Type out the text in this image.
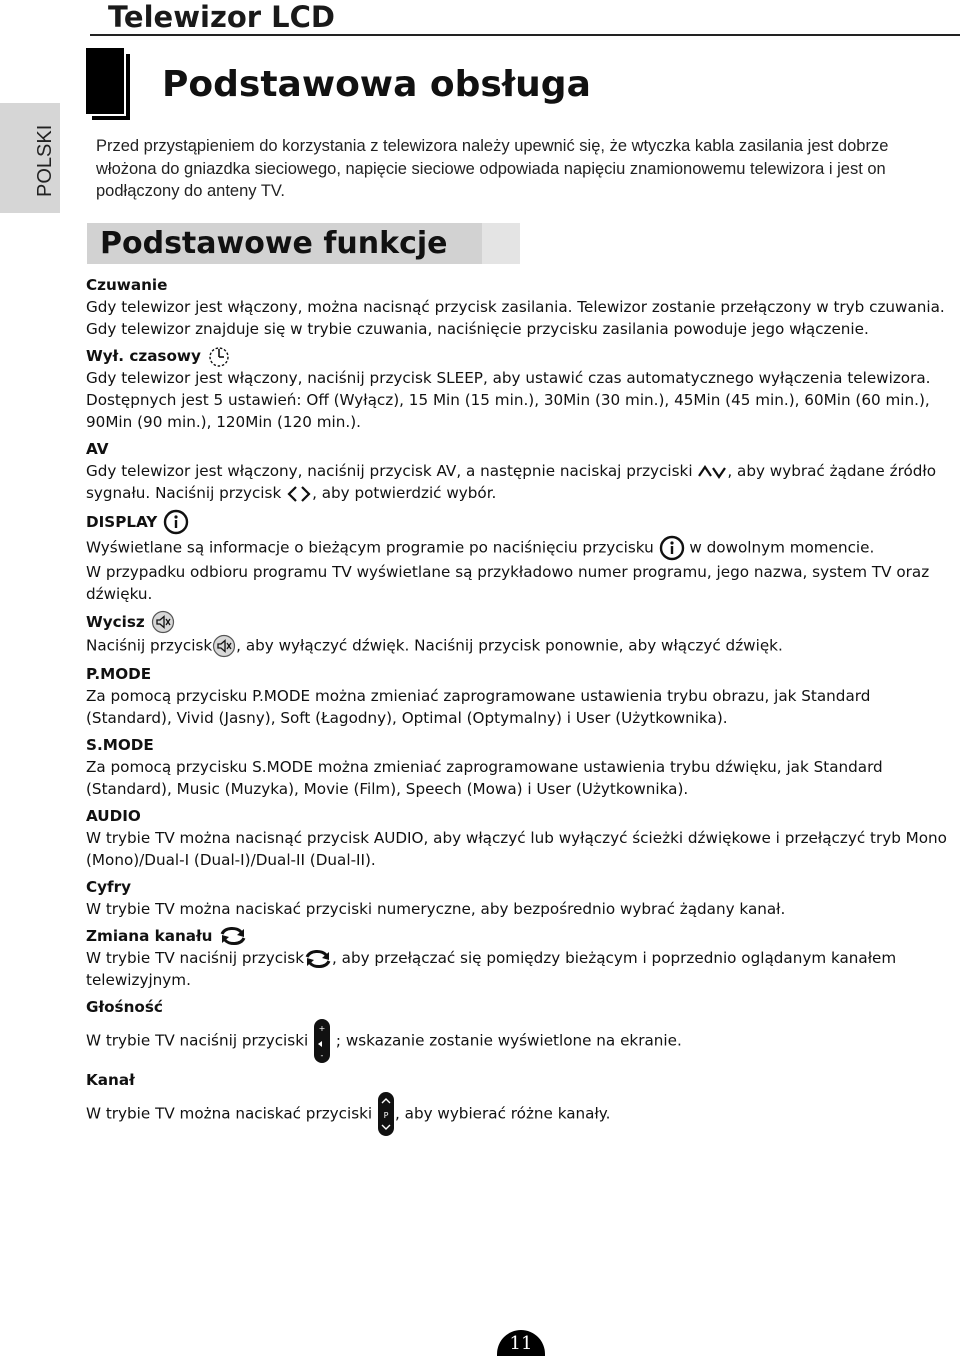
Telewizor LCD
POLSKI
Podstawowa obsługa

Przed przystąpieniem do korzystania z telewizora należy upewnić się, że wtyczka kabla zasilania jest dobrze włożona do gniazdka sieciowego, napięcie sieciowe odpowiada napięciu znamionowemu telewizora i jest on podłączony do anteny TV.

Podstawowe funkcje
Czuwanie

Gdy telewizor jest włączony, można nacisnąć przycisk zasilania. Telewizor zostanie przełączony w tryb czuwania. Gdy telewizor znajduje się w trybie czuwania, naciśnięcie przycisku zasilania powoduje jego włączenie.

Wył. czasowy

Gdy telewizor jest włączony, naciśnij przycisk SLEEP, aby ustawić czas automatycznego wyłączenia telewizora.

Dostępnych jest 5 ustawień: Off (Wyłącz), 15 Min (15 min.), 30Min (30 min.), 45Min (45 min.), 60Min (60 min.), 90Min (90 min.), 120Min (120 min.).

AV

Gdy telewizor jest włączony, naciśnij przycisk AV, a następnie naciskaj przyciski , aby wybrać żądane źródło sygnału. Naciśnij przycisk , aby potwierdzić wybór.

DISPLAY

Wyświetlane są informacje o bieżącym programie po naciśnięciu przycisku  w dowolnym momencie.

W przypadku odbioru programu TV wyświetlane są przykładowo numer programu, jego nazwa, system TV oraz dźwięku.

Wycisz

Naciśnij przycisk , aby wyłączyć dźwięk. Naciśnij przycisk ponownie, aby włączyć dźwięk.

P.MODE

Za pomocą przycisku P.MODE można zmieniać zaprogramowane ustawienia trybu obrazu, jak Standard (Standard), Vivid (Jasny), Soft (Łagodny), Optimal (Optymalny) i User (Użytkownika).

S.MODE

Za pomocą przycisku S.MODE można zmieniać zaprogramowane ustawienia trybu dźwięku, jak Standard (Standard), Music (Muzyka), Movie (Film), Speech (Mowa) i User (Użytkownika).

AUDIO

W trybie TV można nacisnąć przycisk AUDIO, aby włączyć lub wyłączyć ścieżki dźwiękowe i przełączyć tryb Mono (Mono)/Dual-I (Dual-I)/Dual-II (Dual-II).

Cyfry

W trybie TV można naciskać przyciski numeryczne, aby bezpośrednio wybrać żądany kanał.

Zmiana kanału

W trybie TV naciśnij przycisk , aby przełączać się pomiędzy bieżącym i poprzednio oglądanym kanałem telewizyjnym.

Głośność

W trybie TV naciśnij przyciski
+
-
; wskazanie zostanie wyświetlone na ekranie.

Kanał

W trybie TV można naciskać przyciski P , aby wybierać różne kanały.

11
